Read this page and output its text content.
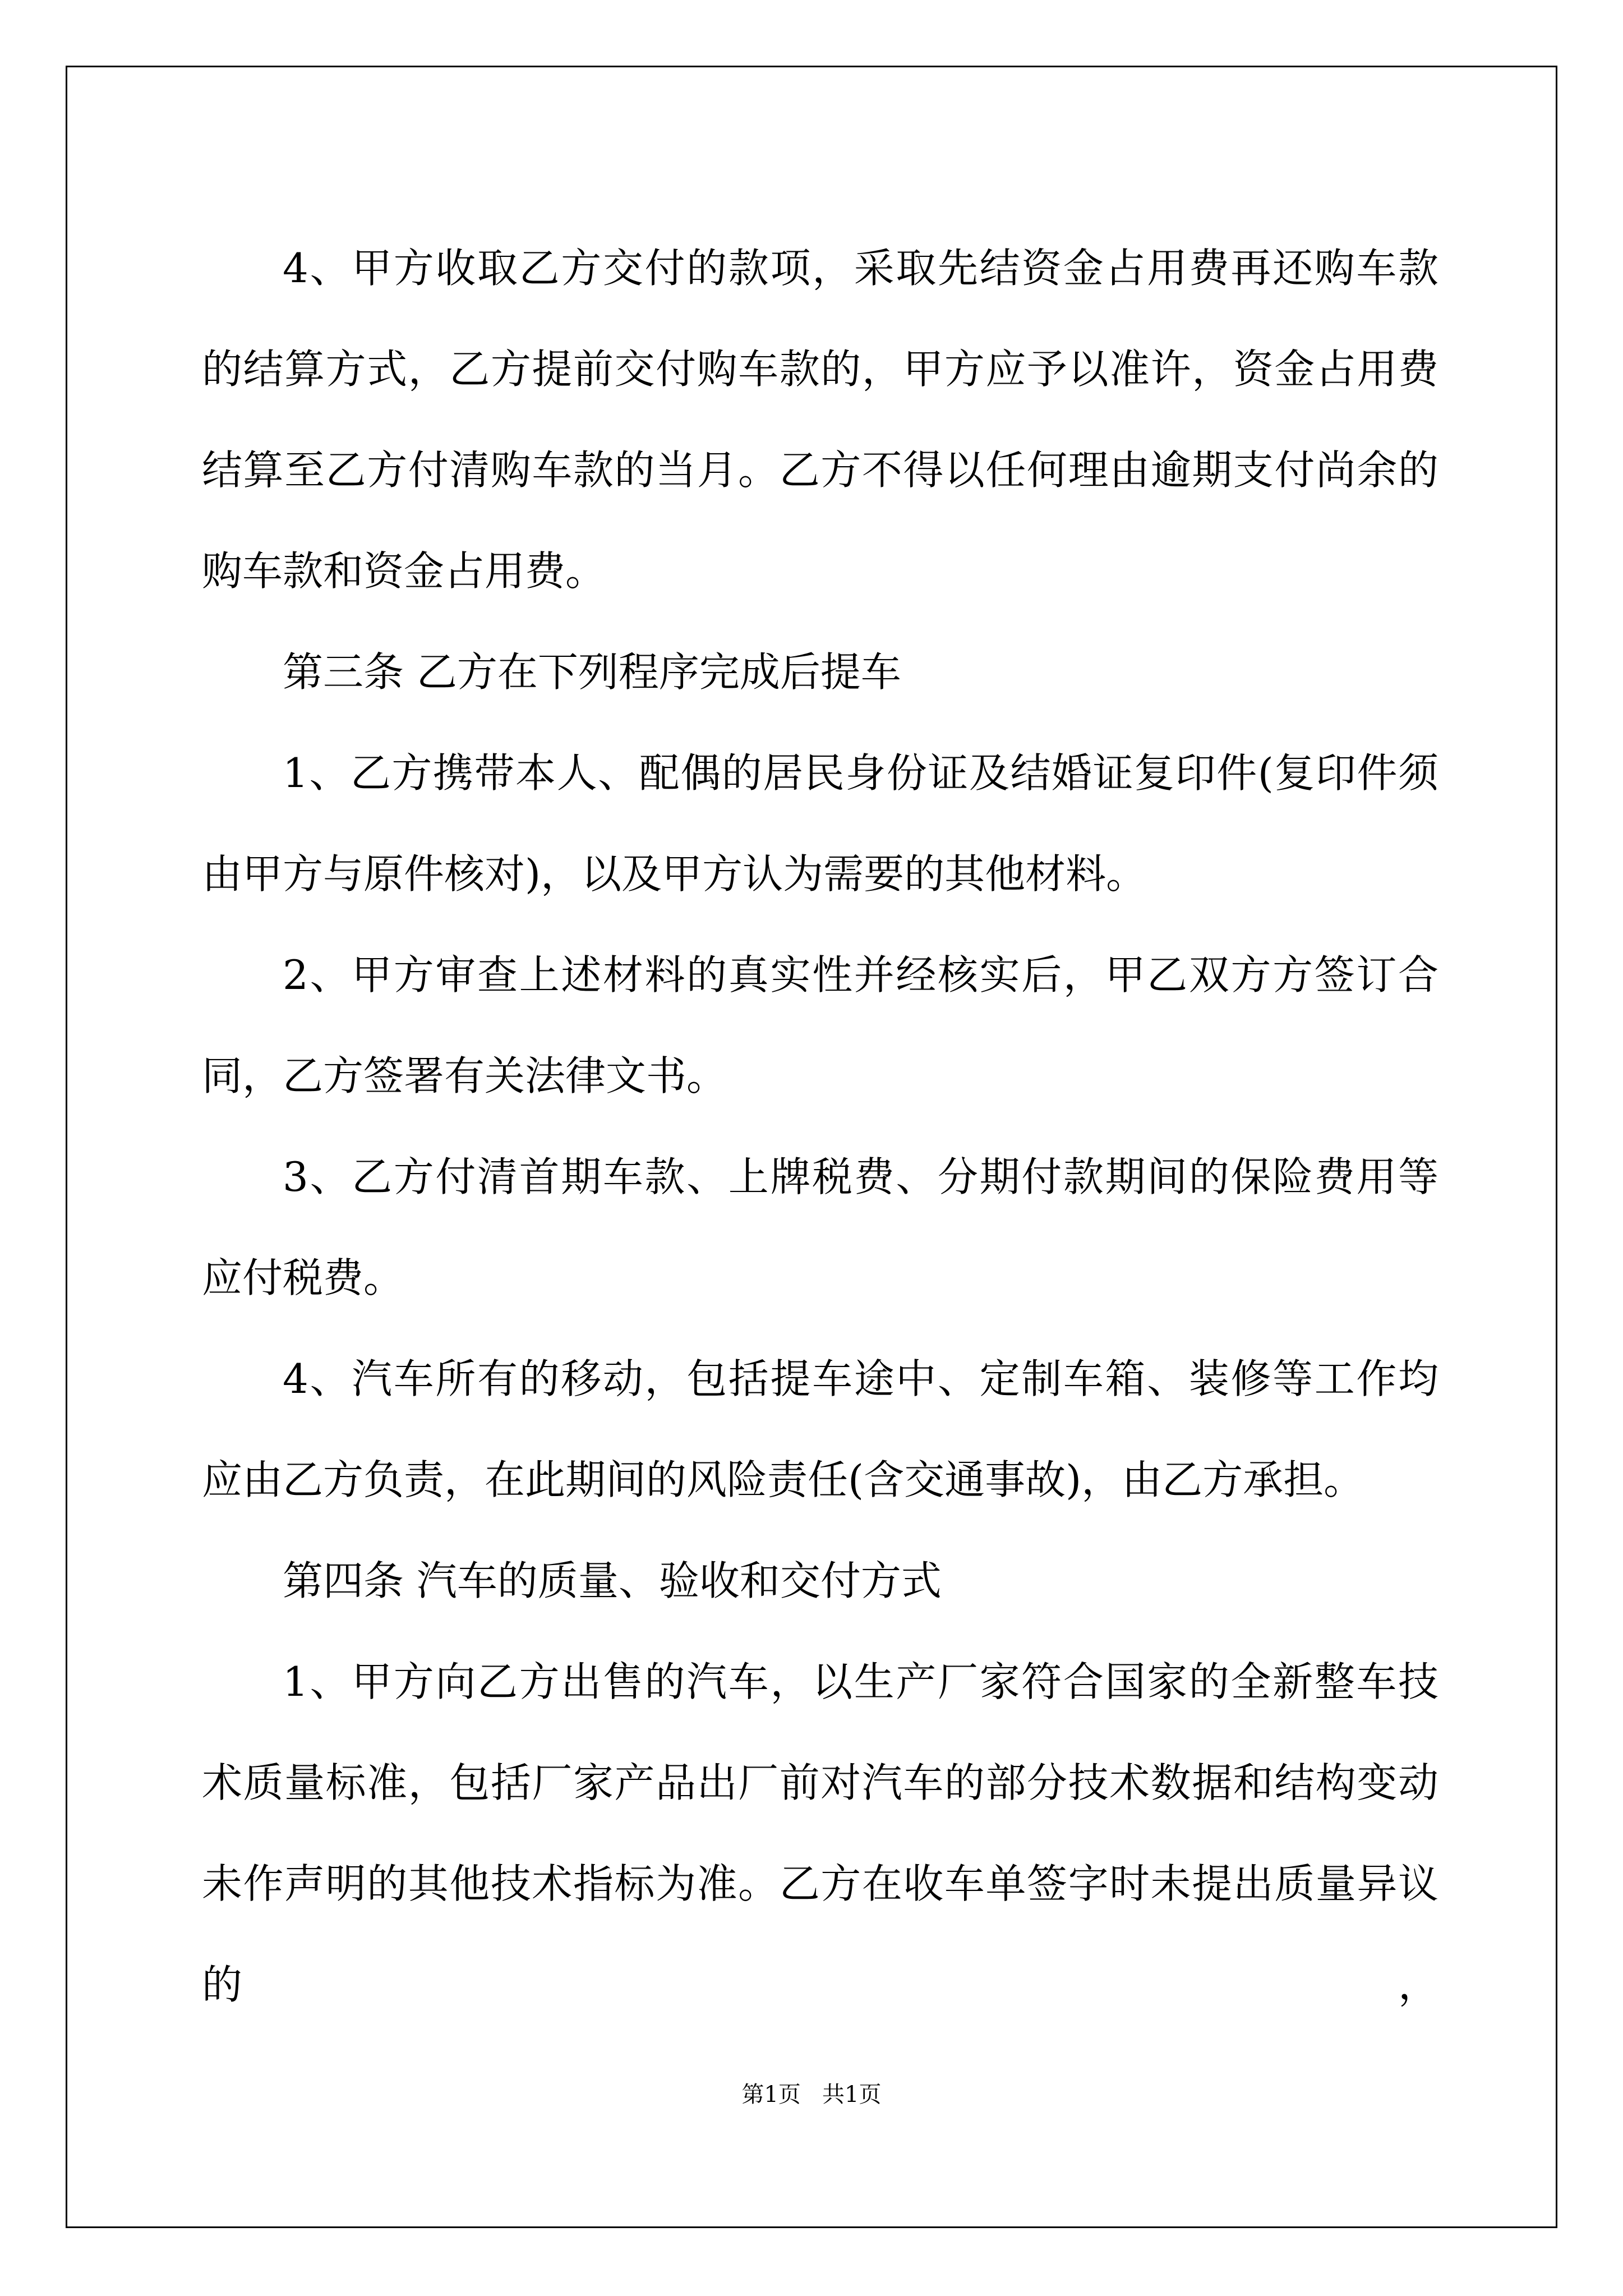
4、甲方收取乙方交付的款项，采取先结资金占用费再还购车款的结算方式，乙方提前交付购车款的，甲方应予以准许，资金占用费结算至乙方付清购车款的当月。乙方不得以任何理由逾期支付尚余的购车款和资金占用费。

第三条 乙方在下列程序完成后提车

1、乙方携带本人、配偶的居民身份证及结婚证复印件(复印件须由甲方与原件核对)，以及甲方认为需要的其他材料。

2、甲方审查上述材料的真实性并经核实后，甲乙双方方签订合同，乙方签署有关法律文书。

3、乙方付清首期车款、上牌税费、分期付款期间的保险费用等应付税费。

4、汽车所有的移动，包括提车途中、定制车箱、装修等工作均应由乙方负责，在此期间的风险责任(含交通事故)，由乙方承担。

第四条 汽车的质量、验收和交付方式

1、甲方向乙方出售的汽车，以生产厂家符合国家的全新整车技术质量标准，包括厂家产品出厂前对汽车的部分技术数据和结构变动未作声明的其他技术指标为准。乙方在收车单签字时未提出质量异议的，

第1页   共1页
